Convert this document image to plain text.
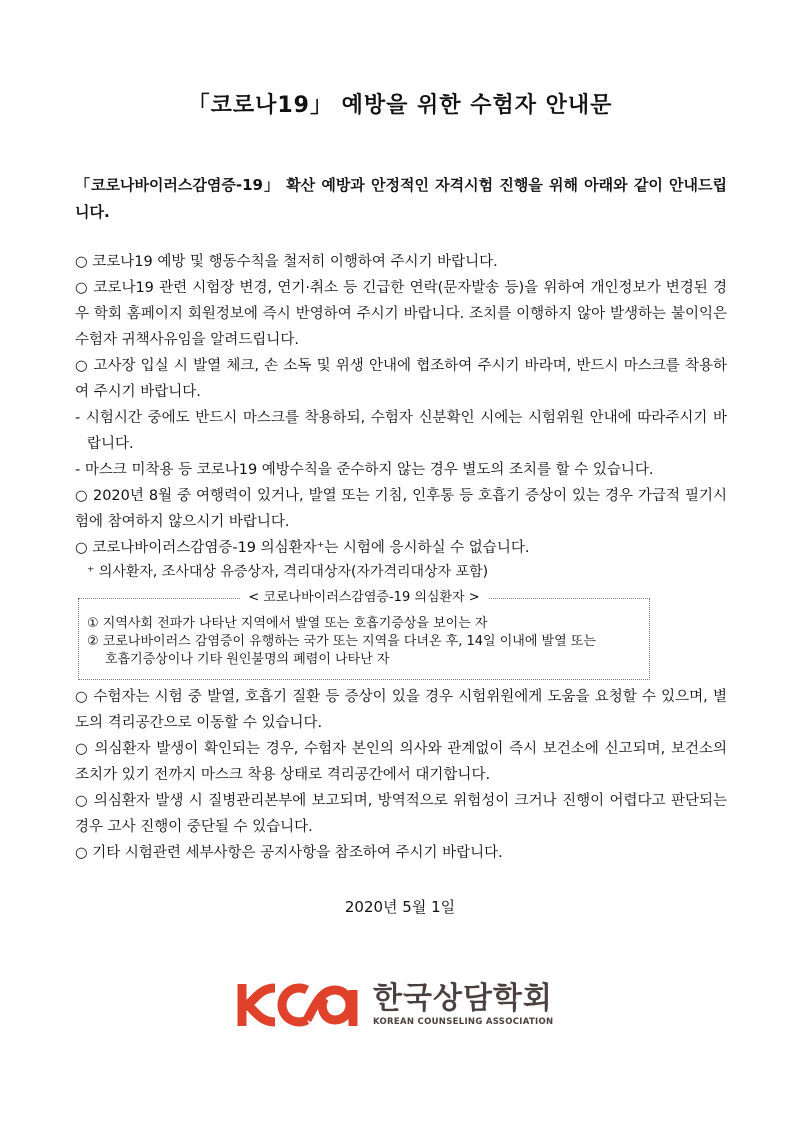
「코로나19」 예방을 위한 수험자 안내문
「코로나바이러스감염증-19」 확산 예방과 안정적인 자격시험 진행을 위해 아래와 같이 안내드립니다.

○ 코로나19 예방 및 행동수칙을 철저히 이행하여 주시기 바랍니다.

○ 코로나19 관련 시험장 변경, 연기·취소 등 긴급한 연락(문자발송 등)을 위하여 개인정보가 변경된 경우 학회 홈페이지 회원정보에 즉시 반영하여 주시기 바랍니다. 조치를 이행하지 않아 발생하는 불이익은 수험자 귀책사유임을 알려드립니다.

○ 고사장 입실 시 발열 체크, 손 소독 및 위생 안내에 협조하여 주시기 바라며, 반드시 마스크를 착용하여 주시기 바랍니다.

- 시험시간 중에도 반드시 마스크를 착용하되, 수험자 신분확인 시에는 시험위원 안내에 따라주시기 바랍니다.

- 마스크 미착용 등 코로나19 예방수칙을 준수하지 않는 경우 별도의 조치를 할 수 있습니다.

○ 2020년 8월 중 여행력이 있거나, 발열 또는 기침, 인후통 등 호흡기 증상이 있는 경우 가급적 필기시험에 참여하지 않으시기 바랍니다.

○ 코로나바이러스감염증-19 의심환자⁺는 시험에 응시하실 수 없습니다.

⁺ 의사환자, 조사대상 유증상자, 격리대상자(자가격리대상자 포함)

< 코로나바이러스감염증-19 의심환자 >
① 지역사회 전파가 나타난 지역에서 발열 또는 호흡기증상을 보이는 자
② 코로나바이러스 감염증이 유행하는 국가 또는 지역을 다녀온 후, 14일 이내에 발열 또는
호흡기증상이나 기타 원인불명의 폐렴이 나타난 자

○ 수험자는 시험 중 발열, 호흡기 질환 등 증상이 있을 경우 시험위원에게 도움을 요청할 수 있으며, 별도의 격리공간으로 이동할 수 있습니다.

○ 의심환자 발생이 확인되는 경우, 수험자 본인의 의사와 관계없이 즉시 보건소에 신고되며, 보건소의 조치가 있기 전까지 마스크 착용 상태로 격리공간에서 대기합니다.

○ 의심환자 발생 시 질병관리본부에 보고되며, 방역적으로 위험성이 크거나 진행이 어렵다고 판단되는 경우 고사 진행이 중단될 수 있습니다.

○ 기타 시험관련 세부사항은 공지사항을 참조하여 주시기 바랍니다.

2020년 5월 1일
한국상담학회
KOREAN COUNSELING ASSOCIATION
